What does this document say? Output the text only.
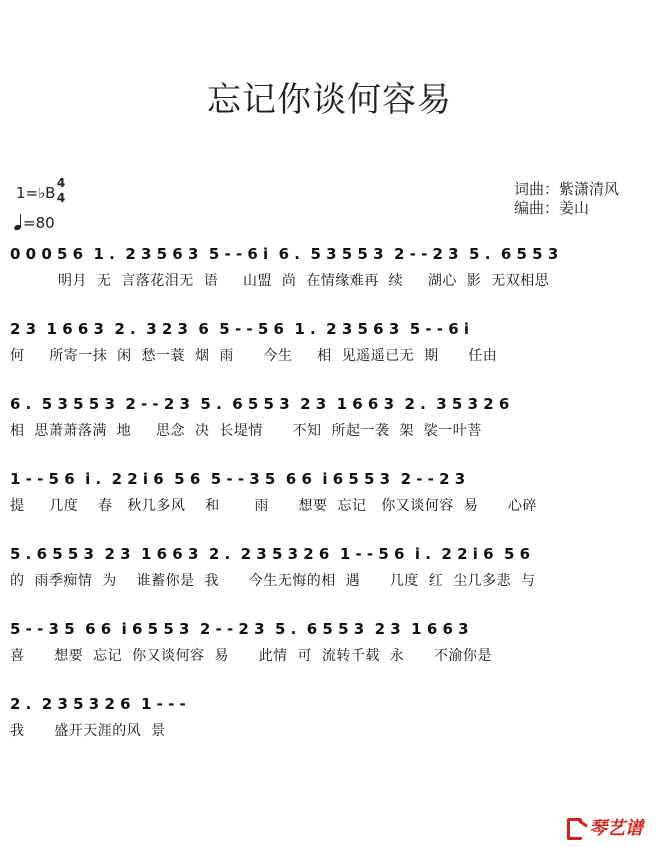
忘记你谈何容易
1=♭B
4
4
=80
词曲：紫潇清风
编曲：姜山
0 0 0 5 6  1 .  2 3 5 6 3  5 - - 6 i  6 .  5 3 5 5 3  2 - - 2 3  5 .  6 5 5 3
明月  无  言落花泪无  语     山盟  尚  在情缘难再  续     湖心  影  无双相思
2 3  1 6 6 3  2 .  3 2 3  6  5 - - 5 6  1 .  2 3 5 6 3  5 - - 6 i
何     所寄一抹  闲  愁一蓑  烟  雨      今生     相  见遥遥已无  期      任由
6 .  5 3 5 5 3  2 - - 2 3  5 .  6 5 5 3  2 3  1 6 6 3  2 .  3 5 3 2 6
相  思萧萧落满  地     思念  决  长堤情      不知  所起一袭  架  裟一叶菩
1 - - 5 6  i .  2 2 i 6  5 6  5 - - 3 5  6 6  i 6 5 5 3  2 - - 2 3
提     几度    春   秋几多风    和       雨      想要  忘记   你又谈何容  易      心碎
5 . 6 5 5 3  2 3  1 6 6 3  2 .  2 3 5 3 2 6  1 - - 5 6  i .  2 2 i 6  5 6
的  雨季痴情  为    谁蓄你是  我      今生无悔的相  遇      几度  红  尘几多悲  与
5 - - 3 5  6 6  i 6 5 5 3  2 - - 2 3  5 .  6 5 5 3  2 3  1 6 6 3
喜      想要  忘记  你又谈何容  易      此情  可  流转千载  永      不渝你是
2 .  2 3 5 3 2 6  1 - - -
我      盛开天涯的风  景
琴艺谱
